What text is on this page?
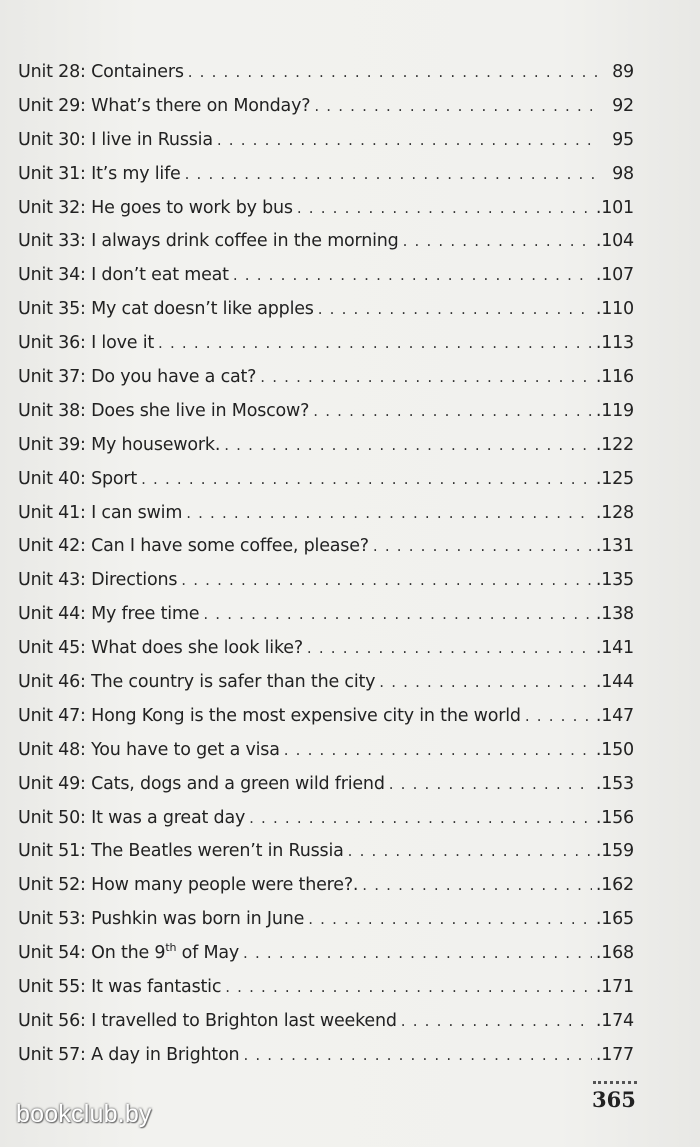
Unit 28: Containers . . .	89
Unit 29: What’s there on Monday? . . .	92
Unit 30: I live in Russia . . .	95
Unit 31: It’s my life . . .	98
Unit 32: He goes to work by bus . . .	.101
Unit 33: I always drink coffee in the morning . . .	.104
Unit 34: I don’t eat meat . . .	.107
Unit 35: My cat doesn’t like apples . . .	.110
Unit 36: I love it . . .	.113
Unit 37: Do you have a cat? . . .	.116
Unit 38: Does she live in Moscow? . . .	.119
Unit 39: My housework. . . .	.122
Unit 40: Sport . . .	.125
Unit 41: I can swim . . .	.128
Unit 42: Can I have some coffee, please? . . .	.131
Unit 43: Directions . . .	.135
Unit 44: My free time . . .	.138
Unit 45: What does she look like? . . .	.141
Unit 46: The country is safer than the city . . .	.144
Unit 47: Hong Kong is the most expensive city in the world . . .	.147
Unit 48: You have to get a visa . . .	.150
Unit 49: Cats, dogs and a green wild friend . . .	.153
Unit 50: It was a great day . . .	.156
Unit 51: The Beatles weren’t in Russia . . .	.159
Unit 52: How many people were there?. . . .	.162
Unit 53: Pushkin was born in June . . .	.165
Unit 54: On the 9th of May . . .	.168
Unit 55: It was fantastic . . .	.171
Unit 56: I travelled to Brighton last weekend . . .	.174
Unit 57: A day in Brighton . . .	.177
365
bookclub.by
